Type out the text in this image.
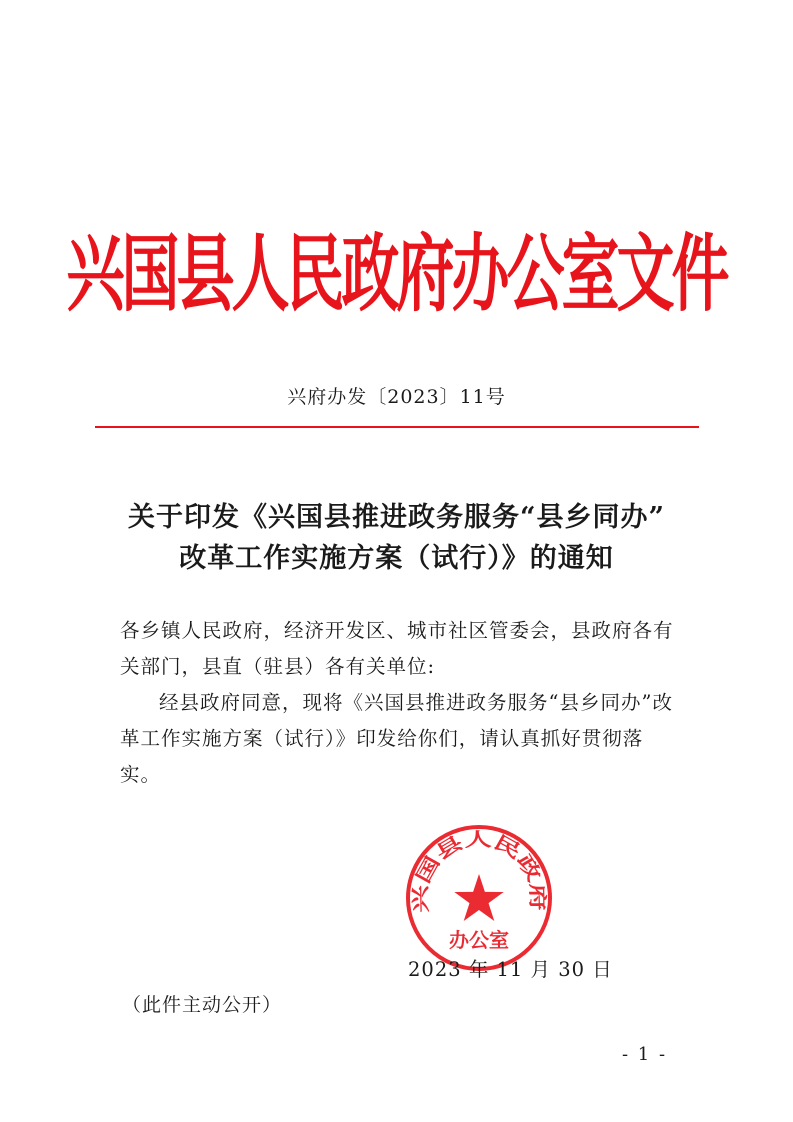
兴国县人民政府办公室文件
兴府办发〔2023〕11号
关于印发《兴国县推进政务服务“县乡同办”
改革工作实施方案（试行）》的通知

各乡镇人民政府，经济开发区、城市社区管委会，县政府各有关部门，县直（驻县）各有关单位:

经县政府同意，现将《兴国县推进政务服务“县乡同办”改革工作实施方案（试行）》印发给你们，请认真抓好贯彻落实。

兴国县人民政府
办公室
2023 年 11 月 30 日
（此件主动公开）
- 1 -
